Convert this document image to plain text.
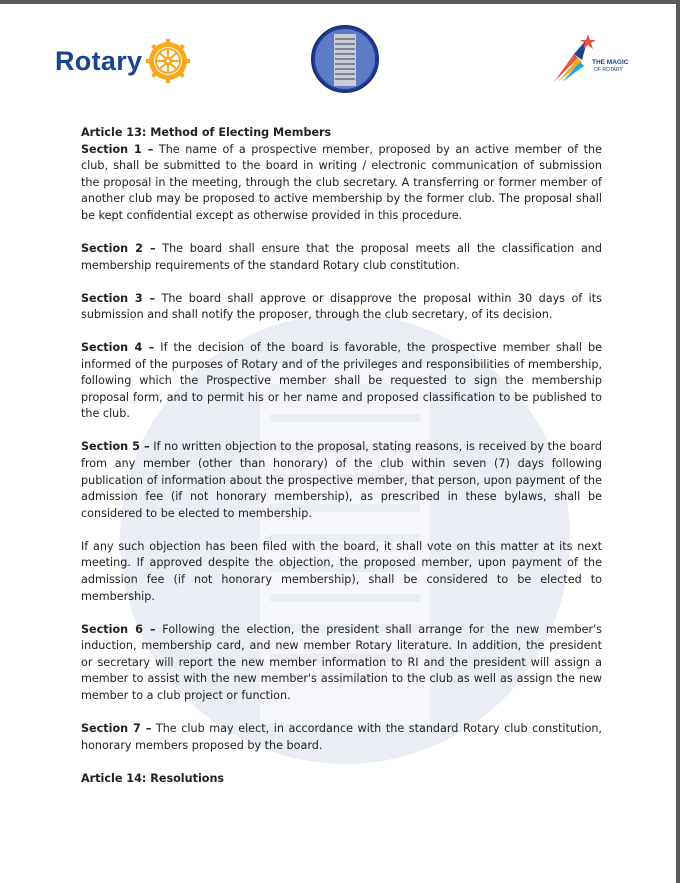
Rotary	THE MAGIC
OF ROTARY

Article 13: Method of Electing Members

Section 1 – The name of a prospective member, proposed by an active member of the club, shall be submitted to the board in writing / electronic communication of submission the proposal in the meeting, through the club secretary. A transferring or former member of another club may be proposed to active membership by the former club. The proposal shall be kept confidential except as otherwise provided in this procedure.

Section 2 – The board shall ensure that the proposal meets all the classification and membership requirements of the standard Rotary club constitution.

Section 3 – The board shall approve or disapprove the proposal within 30 days of its submission and shall notify the proposer, through the club secretary, of its decision.

Section 4 – If the decision of the board is favorable, the prospective member shall be informed of the purposes of Rotary and of the privileges and responsibilities of membership, following which the Prospective member shall be requested to sign the membership proposal form, and to permit his or her name and proposed classification to be published to the club.

Section 5 – If no written objection to the proposal, stating reasons, is received by the board from any member (other than honorary) of the club within seven (7) days following publication of information about the prospective member, that person, upon payment of the admission fee (if not honorary membership), as prescribed in these bylaws, shall be considered to be elected to membership.

If any such objection has been filed with the board, it shall vote on this matter at its next meeting. If approved despite the objection, the proposed member, upon payment of the admission fee (if not honorary membership), shall be considered to be elected to membership.

Section 6 – Following the election, the president shall arrange for the new member's induction, membership card, and new member Rotary literature. In addition, the president or secretary will report the new member information to RI and the president will assign a member to assist with the new member's assimilation to the club as well as assign the new member to a club project or function.

Section 7 – The club may elect, in accordance with the standard Rotary club constitution, honorary members proposed by the board.

Article 14: Resolutions
